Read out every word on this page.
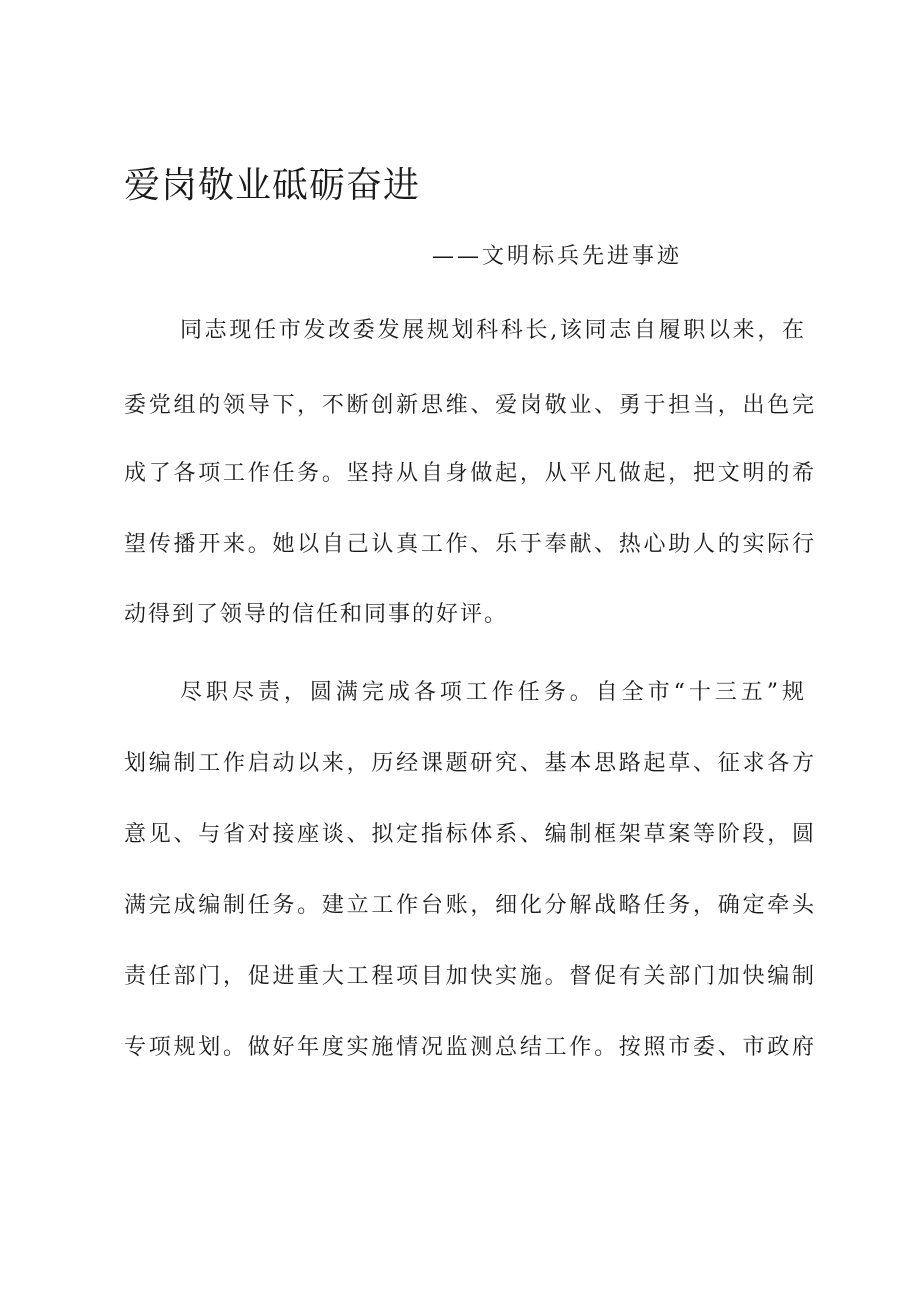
爱岗敬业砥砺奋进

——文明标兵先进事迹

同志现任市发改委发展规划科科长,该同志自履职以来，在

委党组的领导下，不断创新思维、爱岗敬业、勇于担当，出色完

成了各项工作任务。坚持从自身做起，从平凡做起，把文明的希

望传播开来。她以自己认真工作、乐于奉献、热心助人的实际行

动得到了领导的信任和同事的好评。

尽职尽责，圆满完成各项工作任务。自全市“十三五”规

划编制工作启动以来，历经课题研究、基本思路起草、征求各方

意见、与省对接座谈、拟定指标体系、编制框架草案等阶段，圆

满完成编制任务。建立工作台账，细化分解战略任务，确定牵头

责任部门，促进重大工程项目加快实施。督促有关部门加快编制

专项规划。做好年度实施情况监测总结工作。按照市委、市政府
